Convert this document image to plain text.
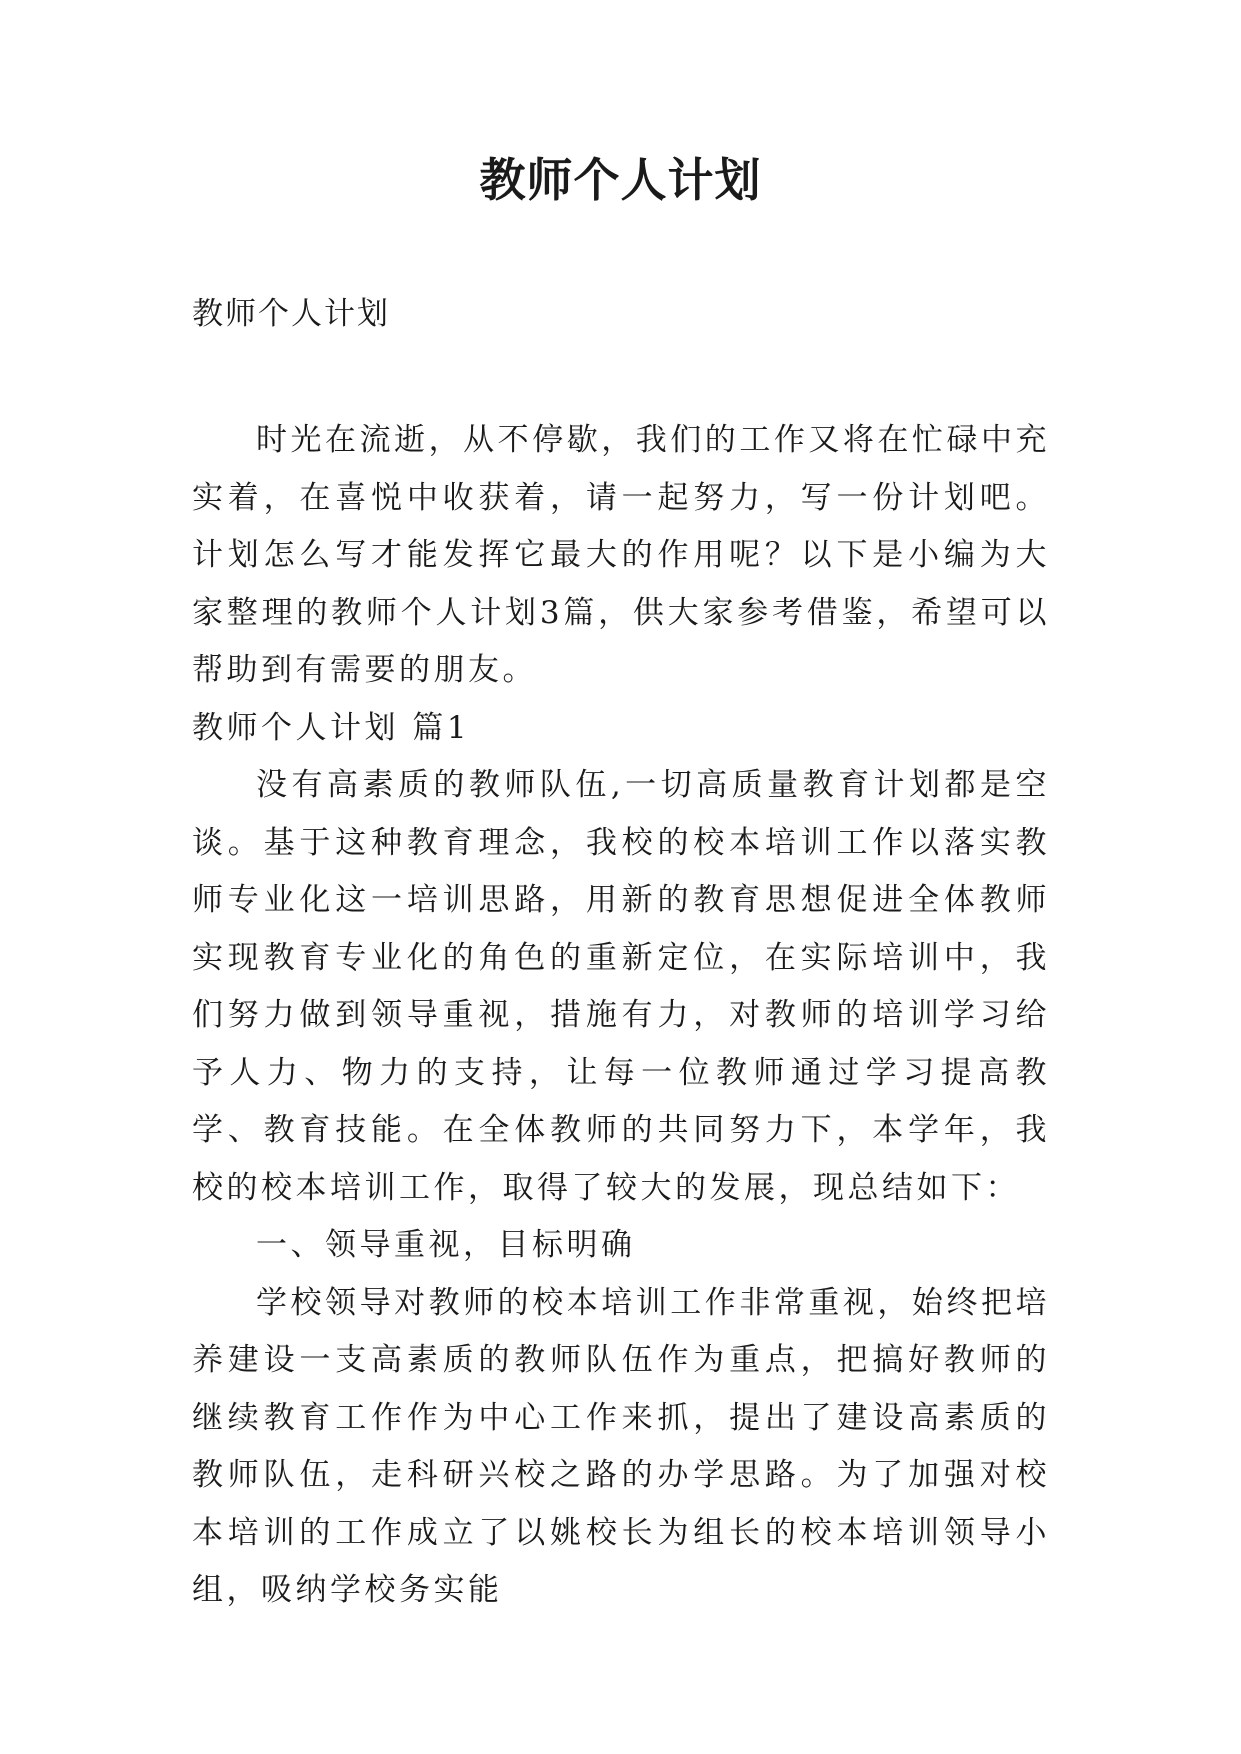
教师个人计划
教师个人计划

时光在流逝，从不停歇，我们的工作又将在忙碌中充实着，在喜悦中收获着，请一起努力，写一份计划吧。计划怎么写才能发挥它最大的作用呢？以下是小编为大家整理的教师个人计划3篇，供大家参考借鉴，希望可以帮助到有需要的朋友。

教师个人计划 篇1

没有高素质的教师队伍,一切高质量教育计划都是空谈。基于这种教育理念，我校的校本培训工作以落实教师专业化这一培训思路，用新的教育思想促进全体教师实现教育专业化的角色的重新定位，在实际培训中，我们努力做到领导重视，措施有力，对教师的培训学习给予人力、物力的支持，让每一位教师通过学习提高教学、教育技能。在全体教师的共同努力下，本学年，我校的校本培训工作，取得了较大的发展，现总结如下：

一、领导重视，目标明确

学校领导对教师的校本培训工作非常重视，始终把培养建设一支高素质的教师队伍作为重点，把搞好教师的继续教育工作作为中心工作来抓，提出了建设高素质的教师队伍，走科研兴校之路的办学思路。为了加强对校本培训的工作成立了以姚校长为组长的校本培训领导小组，吸纳学校务实能
